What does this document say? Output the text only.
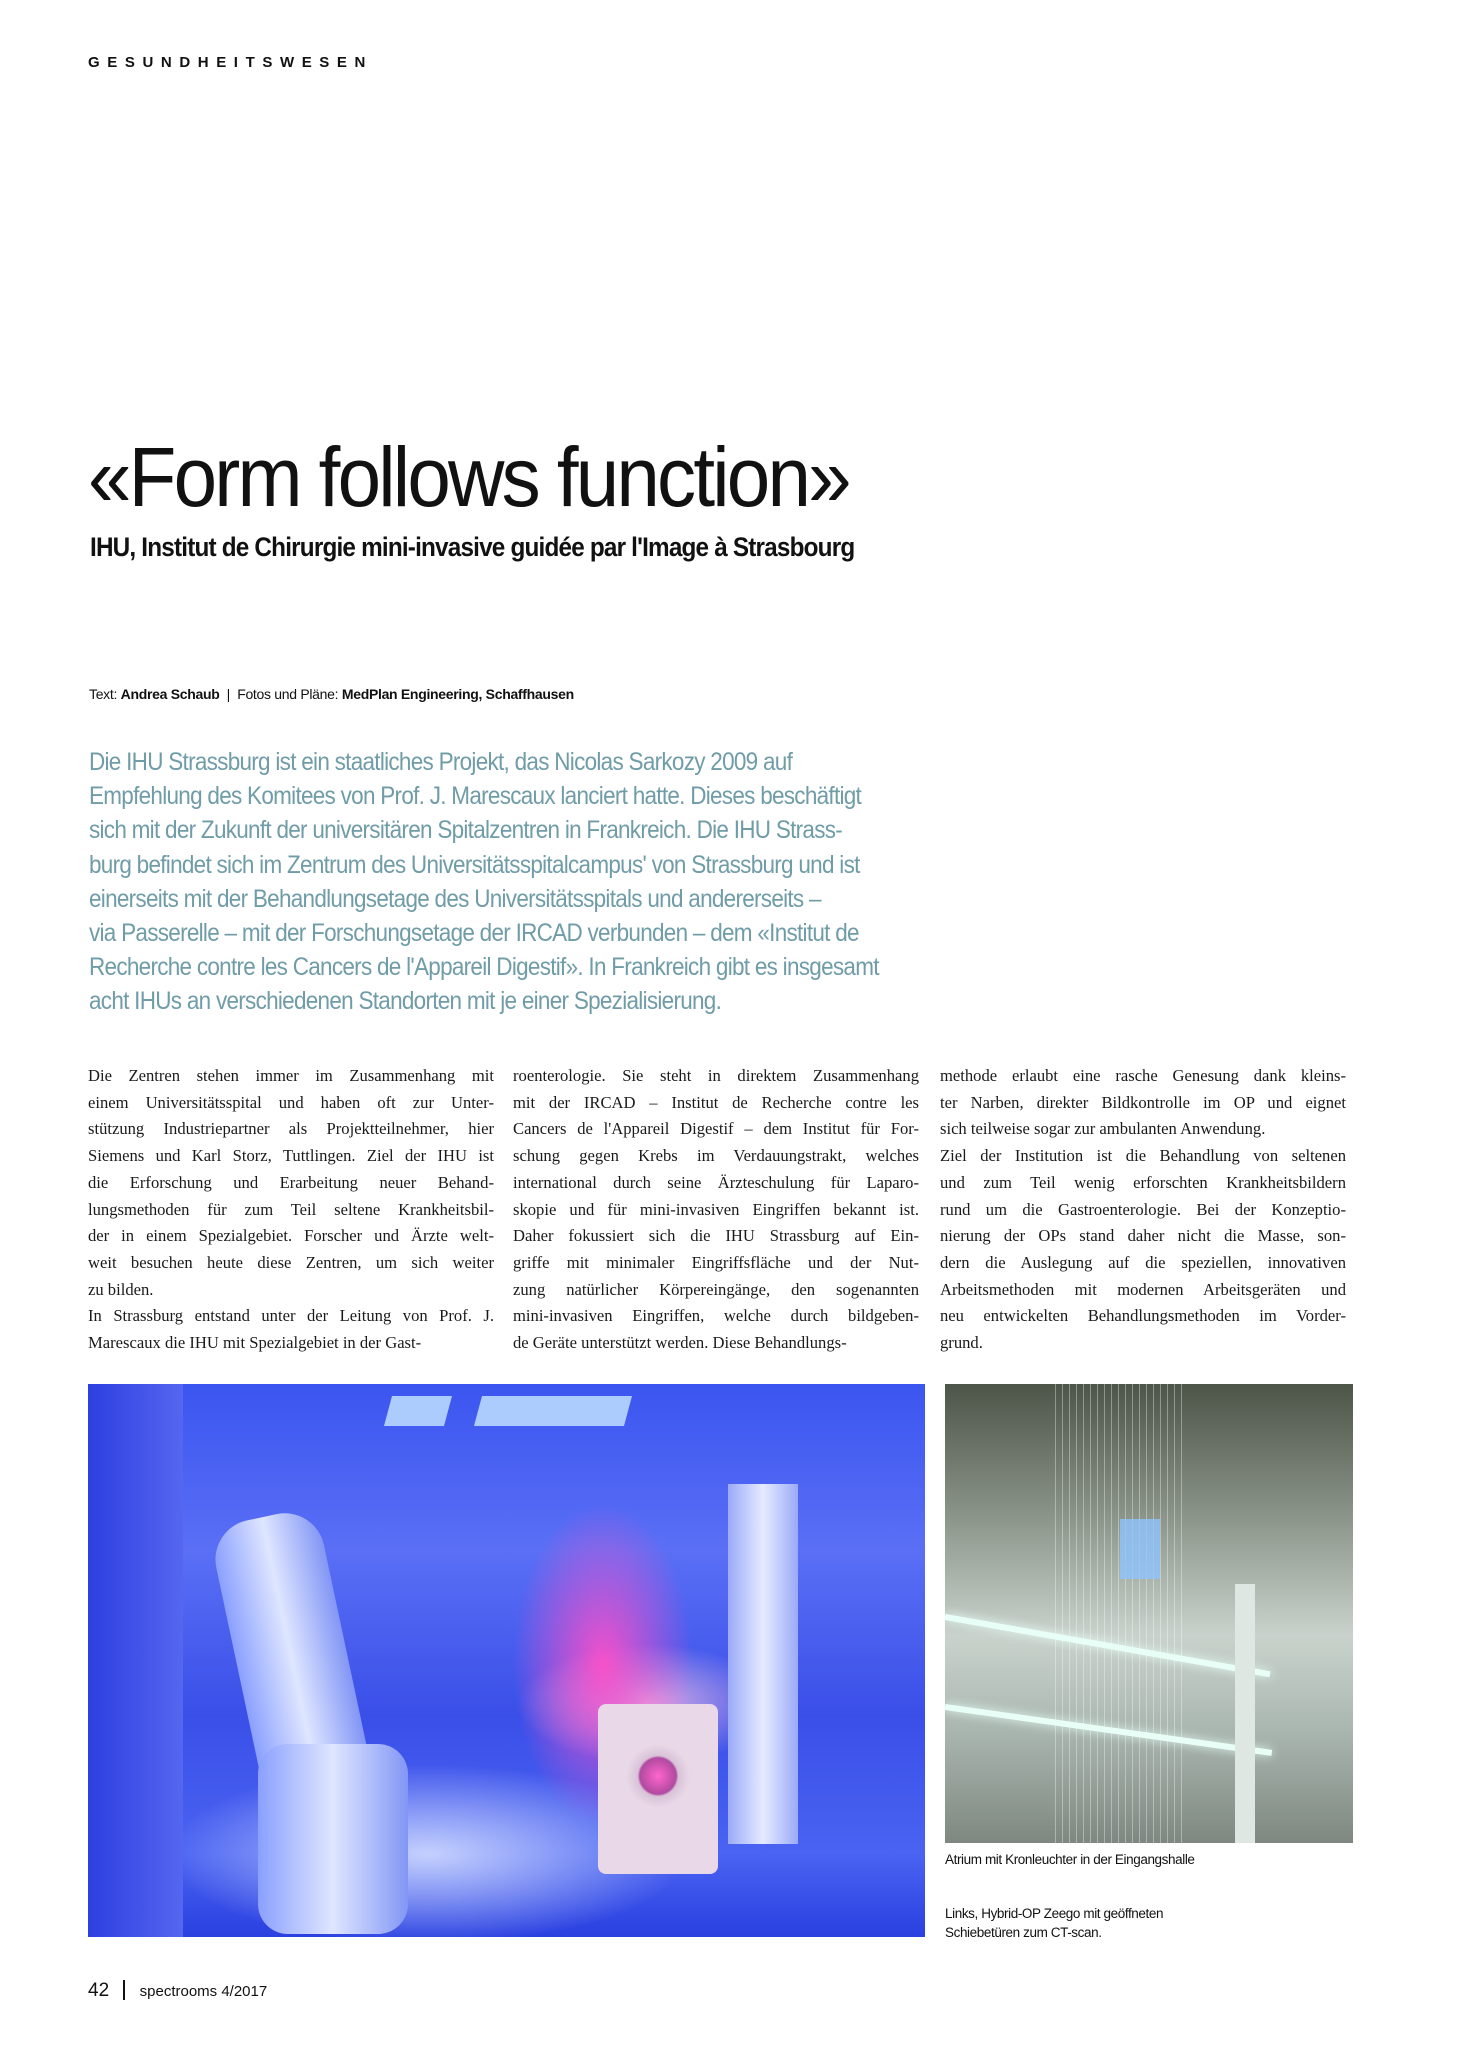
GESUNDHEITSWESEN
«Form follows function»
IHU, Institut de Chirurgie mini-invasive guidée par l'Image à Strasbourg
Text: Andrea Schaub  |  Fotos und Pläne: MedPlan Engineering, Schaffhausen
Die IHU Strassburg ist ein staatliches Projekt, das Nicolas Sarkozy 2009 auf
Empfehlung des Komitees von Prof. J. Marescaux lanciert hatte. Dieses beschäftigt
sich mit der Zukunft der universitären Spitalzentren in Frankreich. Die IHU Strass-
burg befindet sich im Zentrum des Universitätsspitalcampus' von Strassburg und ist
einerseits mit der Behandlungsetage des Universitätsspitals und andererseits –
via Passerelle – mit der Forschungsetage der IRCAD verbunden – dem «Institut de
Recherche contre les Cancers de l'Appareil Digestif». In Frankreich gibt es insgesamt
acht IHUs an verschiedenen Standorten mit je einer Spezialisierung.
Die Zentren stehen immer im Zusammenhang mit
einem Universitätsspital und haben oft zur Unter-
stützung Industriepartner als Projektteilnehmer, hier
Siemens und Karl Storz, Tuttlingen. Ziel der IHU ist
die Erforschung und Erarbeitung neuer Behand-
lungsmethoden für zum Teil seltene Krankheitsbil-
der in einem Spezialgebiet. Forscher und Ärzte welt-
weit besuchen heute diese Zentren, um sich weiter
zu bilden.
In Strassburg entstand unter der Leitung von Prof. J.
Marescaux die IHU mit Spezialgebiet in der Gast-
roenterologie. Sie steht in direktem Zusammenhang
mit der IRCAD – Institut de Recherche contre les
Cancers de l'Appareil Digestif – dem Institut für For-
schung gegen Krebs im Verdauungstrakt, welches
international durch seine Ärzteschulung für Laparo-
skopie und für mini-invasiven Eingriffen bekannt ist.
Daher fokussiert sich die IHU Strassburg auf Ein-
griffe mit minimaler Eingriffsfläche und der Nut-
zung natürlicher Körpereingänge, den sogenannten
mini-invasiven Eingriffen, welche durch bildgeben-
de Geräte unterstützt werden. Diese Behandlungs-
methode erlaubt eine rasche Genesung dank kleins-
ter Narben, direkter Bildkontrolle im OP und eignet
sich teilweise sogar zur ambulanten Anwendung.
Ziel der Institution ist die Behandlung von seltenen
und zum Teil wenig erforschten Krankheitsbildern
rund um die Gastroenterologie. Bei der Konzeptio-
nierung der OPs stand daher nicht die Masse, son-
dern die Auslegung auf die speziellen, innovativen
Arbeitsmethoden mit modernen Arbeitsgeräten und
neu entwickelten Behandlungsmethoden im Vorder-
grund.
Atrium mit Kronleuchter in der Eingangshalle
Links, Hybrid-OP Zeego mit geöffneten
Schiebetüren zum CT-scan.
42 spectrooms 4/2017
